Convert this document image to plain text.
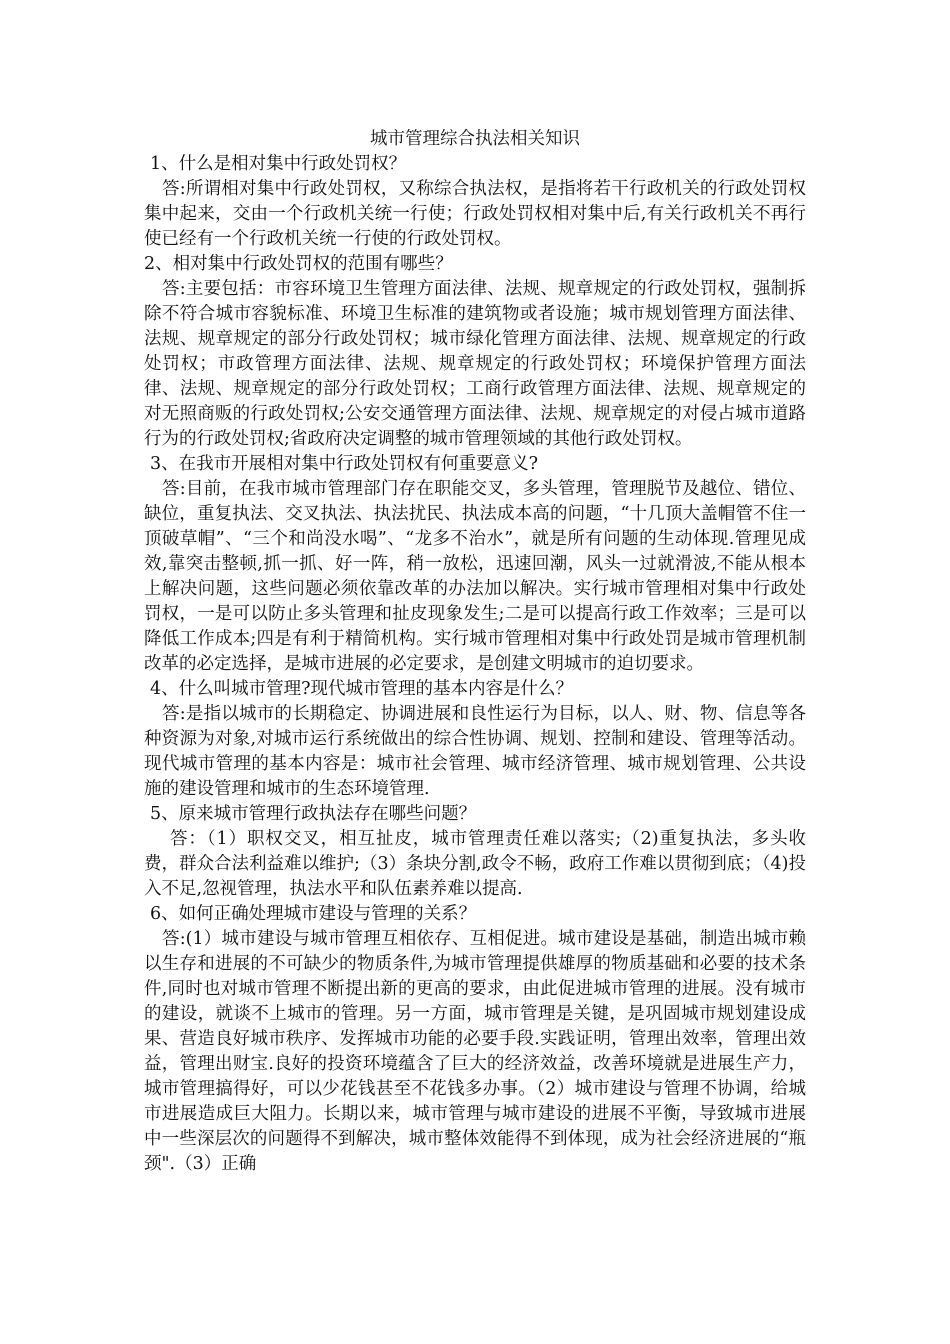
城市管理综合执法相关知识

1、什么是相对集中行政处罚权？

答:所谓相对集中行政处罚权，又称综合执法权，是指将若干行政机关的行政处罚权集中起来，交由一个行政机关统一行使；行政处罚权相对集中后,有关行政机关不再行使已经有一个行政机关统一行使的行政处罚权。

2、相对集中行政处罚权的范围有哪些？

答:主要包括：市容环境卫生管理方面法律、法规、规章规定的行政处罚权，强制拆除不符合城市容貌标准、环境卫生标准的建筑物或者设施；城市规划管理方面法律、法规、规章规定的部分行政处罚权；城市绿化管理方面法律、法规、规章规定的行政处罚权；市政管理方面法律、法规、规章规定的行政处罚权；环境保护管理方面法律、法规、规章规定的部分行政处罚权；工商行政管理方面法律、法规、规章规定的对无照商贩的行政处罚权;公安交通管理方面法律、法规、规章规定的对侵占城市道路行为的行政处罚权;省政府决定调整的城市管理领域的其他行政处罚权。

3、在我市开展相对集中行政处罚权有何重要意义?

答:目前，在我市城市管理部门存在职能交叉，多头管理，管理脱节及越位、错位、缺位，重复执法、交叉执法、执法扰民、执法成本高的问题，“十几顶大盖帽管不住一顶破草帽”、“三个和尚没水喝”、“龙多不治水”，就是所有问题的生动体现.管理见成效,靠突击整顿,抓一抓、好一阵，稍一放松，迅速回潮，风头一过就滑波,不能从根本上解决问题，这些问题必须依靠改革的办法加以解决。实行城市管理相对集中行政处罚权，一是可以防止多头管理和扯皮现象发生;二是可以提高行政工作效率；三是可以降低工作成本;四是有利于精简机构。实行城市管理相对集中行政处罚是城市管理机制改革的必定选择，是城市进展的必定要求，是创建文明城市的迫切要求。

4、什么叫城市管理?现代城市管理的基本内容是什么？

答:是指以城市的长期稳定、协调进展和良性运行为目标，以人、财、物、信息等各种资源为对象,对城市运行系统做出的综合性协调、规划、控制和建设、管理等活动。现代城市管理的基本内容是：城市社会管理、城市经济管理、城市规划管理、公共设施的建设管理和城市的生态环境管理.

5、原来城市管理行政执法存在哪些问题？

答：（1）职权交叉，相互扯皮，城市管理责任难以落实;（2)重复执法，多头收费，群众合法利益难以维护;（3）条块分割,政令不畅，政府工作难以贯彻到底；（4)投入不足,忽视管理，执法水平和队伍素养难以提高.

6、如何正确处理城市建设与管理的关系？

答:(1）城市建设与城市管理互相依存、互相促进。城市建设是基础，制造出城市赖以生存和进展的不可缺少的物质条件,为城市管理提供雄厚的物质基础和必要的技术条件,同时也对城市管理不断提出新的更高的要求，由此促进城市管理的进展。没有城市的建设，就谈不上城市的管理。另一方面，城市管理是关键，是巩固城市规划建设成果、营造良好城市秩序、发挥城市功能的必要手段.实践证明，管理出效率，管理出效益，管理出财宝.良好的投资环境蕴含了巨大的经济效益，改善环境就是进展生产力，城市管理搞得好，可以少花钱甚至不花钱多办事。（2）城市建设与管理不协调，给城市进展造成巨大阻力。长期以来，城市管理与城市建设的进展不平衡，导致城市进展中一些深层次的问题得不到解决，城市整体效能得不到体现，成为社会经济进展的“瓶颈".（3）正确
